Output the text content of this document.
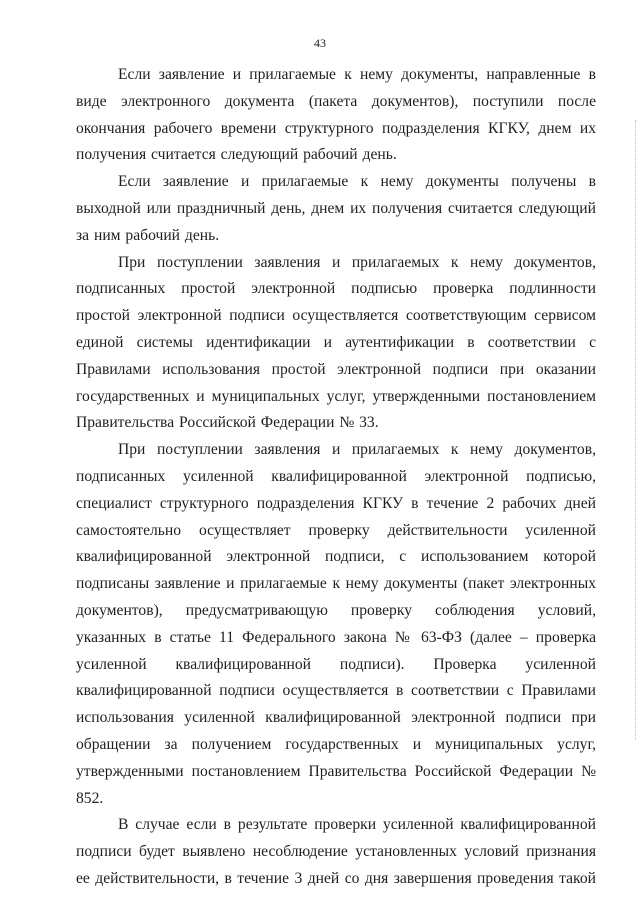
43

Если заявление и прилагаемые к нему документы, направленные в виде электронного документа (пакета документов), поступили после окончания рабочего времени структурного подразделения КГКУ, днем их получения считается следующий рабочий день.

Если заявление и прилагаемые к нему документы получены в выходной или праздничный день, днем их получения считается следующий за ним рабочий день.

При поступлении заявления и прилагаемых к нему документов, подписанных простой электронной подписью проверка подлинности простой электронной подписи осуществляется соответствующим сервисом единой системы идентификации и аутентификации в соответствии с Правилами использования простой электронной подписи при оказании государственных и муниципальных услуг, утвержденными постановлением Правительства Российской Федерации № 33.

При поступлении заявления и прилагаемых к нему документов, подписанных усиленной квалифицированной электронной подписью, специалист структурного подразделения КГКУ в течение 2 рабочих дней самостоятельно осуществляет проверку действительности усиленной квалифицированной электронной подписи, с использованием которой подписаны заявление и прилагаемые к нему документы (пакет электронных документов), предусматривающую проверку соблюдения условий, указанных в статье 11 Федерального закона № 63-ФЗ (далее – проверка усиленной квалифицированной подписи). Проверка усиленной квалифицированной подписи осуществляется в соответствии с Правилами использования усиленной квалифицированной электронной подписи при обращении за получением государственных и муниципальных услуг, утвержденными постановлением Правительства Российской Федерации № 852.

В случае если в результате проверки усиленной квалифицированной подписи будет выявлено несоблюдение установленных условий признания ее действительности, в течение 3 дней со дня завершения проведения такой
